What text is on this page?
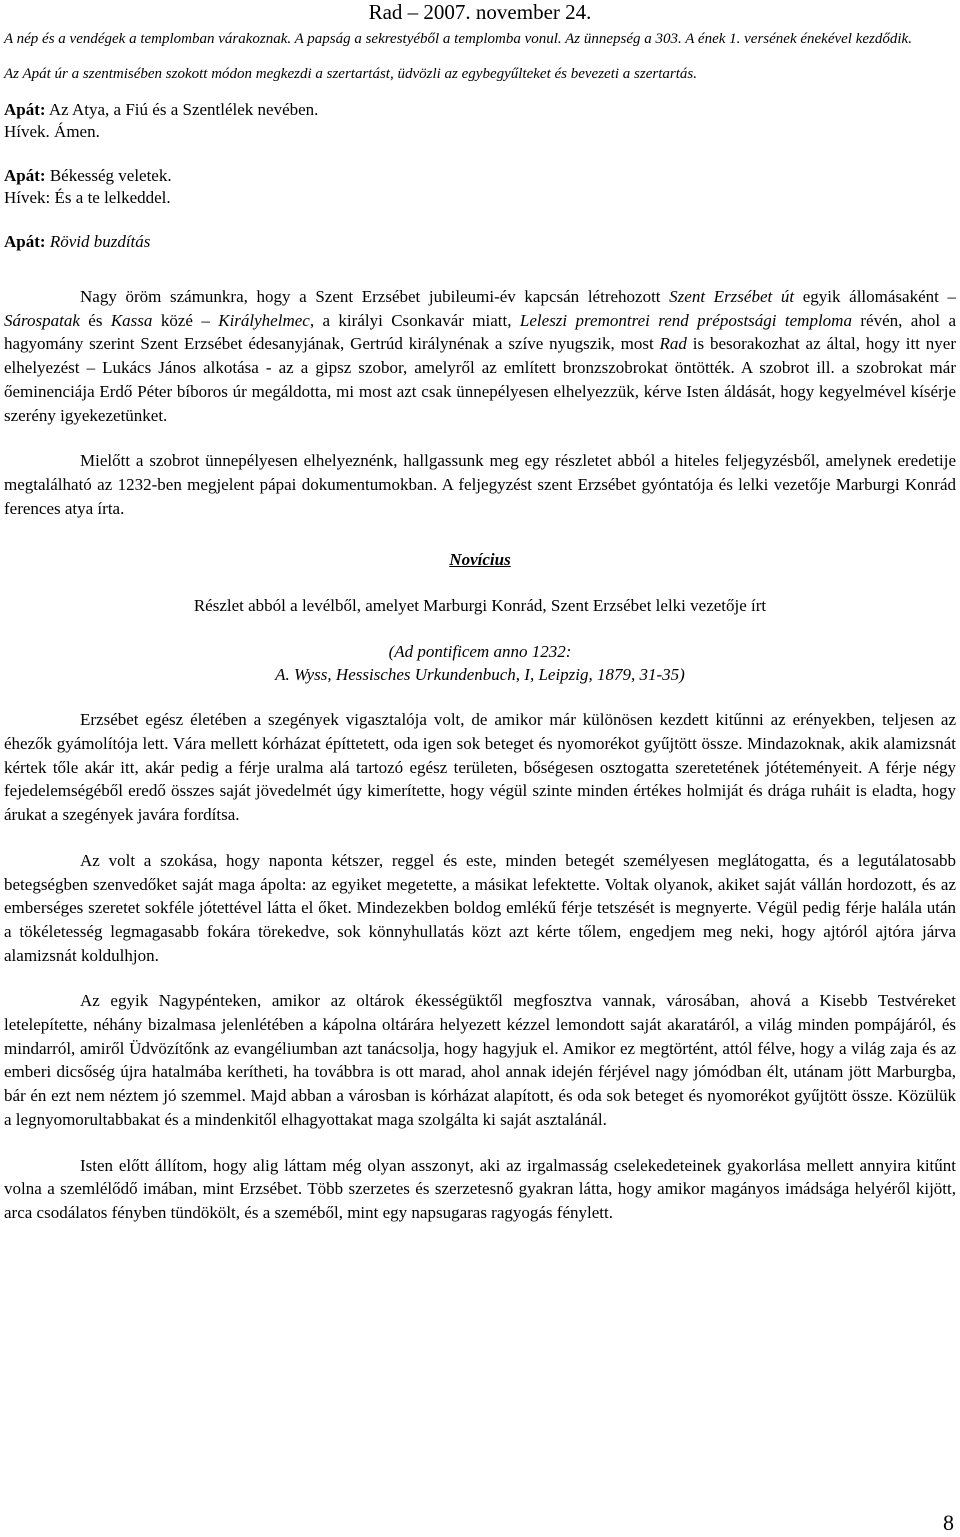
Rad – 2007. november 24.

A nép és a vendégek a templomban várakoznak. A papság a sekrestyéből a templomba vonul. Az ünnepség a 303. A ének 1. versének énekével kezdődik.

Az Apát úr a szentmisében szokott módon megkezdi a szertartást, üdvözli az egybegyűlteket és bevezeti a szertartás.

Apát: Az Atya, a Fiú és a Szentlélek nevében.
Hívek. Ámen.
Apát: Békesség veletek.
Hívek: És a te lelkeddel.
Apát: Rövid buzdítás

Nagy öröm számunkra, hogy a Szent Erzsébet jubileumi-év kapcsán létrehozott Szent Erzsébet út egyik állomásaként – Sárospatak és Kassa közé – Királyhelmec, a királyi Csonkavár miatt, Leleszi premontrei rend prépostsági temploma révén, ahol a hagyomány szerint Szent Erzsébet édesanyjának, Gertrúd királynénak a szíve nyugszik, most Rad is besorakozhat az által, hogy itt nyer elhelyezést – Lukács János alkotása - az a gipsz szobor, amelyről az említett bronzszobrokat öntötték. A szobrot ill. a szobrokat már őeminenciája Erdő Péter bíboros úr megáldotta, mi most azt csak ünnepélyesen elhelyezzük, kérve Isten áldását, hogy kegyelmével kísérje szerény igyekezetünket.

Mielőtt a szobrot ünnepélyesen elhelyeznénk, hallgassunk meg egy részletet abból a hiteles feljegyzésből, amelynek eredetije megtalálható az 1232-ben megjelent pápai dokumentumokban. A feljegyzést szent Erzsébet gyóntatója és lelki vezetője Marburgi Konrád ferences atya írta.

Novícius

Részlet abból a levélből, amelyet Marburgi Konrád, Szent Erzsébet lelki vezetője írt

(Ad pontificem anno 1232:
A. Wyss, Hessisches Urkundenbuch, I, Leipzig, 1879, 31-35)

Erzsébet egész életében a szegények vigasztalója volt, de amikor már különösen kezdett kitűnni az erényekben, teljesen az éhezők gyámolítója lett. Vára mellett kórházat építtetett, oda igen sok beteget és nyomorékot gyűjtött össze. Mindazoknak, akik alamizsnát kértek tőle akár itt, akár pedig a férje uralma alá tartozó egész területen, bőségesen osztogatta szeretetének jótéteményeit. A férje négy fejedelemségéből eredő összes saját jövedelmét úgy kimerítette, hogy végül szinte minden értékes holmiját és drága ruháit is eladta, hogy árukat a szegények javára fordítsa.

Az volt a szokása, hogy naponta kétszer, reggel és este, minden betegét személyesen meglátogatta, és a legutálatosabb betegségben szenvedőket saját maga ápolta: az egyiket megetette, a másikat lefektette. Voltak olyanok, akiket saját vállán hordozott, és az emberséges szeretet sokféle jótettével látta el őket. Mindezekben boldog emlékű férje tetszését is megnyerte. Végül pedig férje halála után a tökéletesség legmagasabb fokára törekedve, sok könnyhullatás közt azt kérte tőlem, engedjem meg neki, hogy ajtóról ajtóra járva alamizsnát koldulhjon.

Az egyik Nagypénteken, amikor az oltárok ékességüktől megfosztva vannak, városában, ahová a Kisebb Testvéreket letelepítette, néhány bizalmasa jelenlétében a kápolna oltárára helyezett kézzel lemondott saját akaratáról, a világ minden pompájáról, és mindarról, amiről Üdvözítőnk az evangéliumban azt tanácsolja, hogy hagyjuk el. Amikor ez megtörtént, attól félve, hogy a világ zaja és az emberi dicsőség újra hatalmába kerítheti, ha továbbra is ott marad, ahol annak idején férjével nagy jómódban élt, utánam jött Marburgba, bár én ezt nem néztem jó szemmel. Majd abban a városban is kórházat alapított, és oda sok beteget és nyomorékot gyűjtött össze. Közülük a legnyomorultabbakat és a mindenkitől elhagyottakat maga szolgálta ki saját asztalánál.

Isten előtt állítom, hogy alig láttam még olyan asszonyt, aki az irgalmasság cselekedeteinek gyakorlása mellett annyira kitűnt volna a szemlélődő imában, mint Erzsébet. Több szerzetes és szerzetesnő gyakran látta, hogy amikor magányos imádsága helyéről kijött, arca csodálatos fényben tündökölt, és a szeméből, mint egy napsugaras ragyogás fénylett.

8
